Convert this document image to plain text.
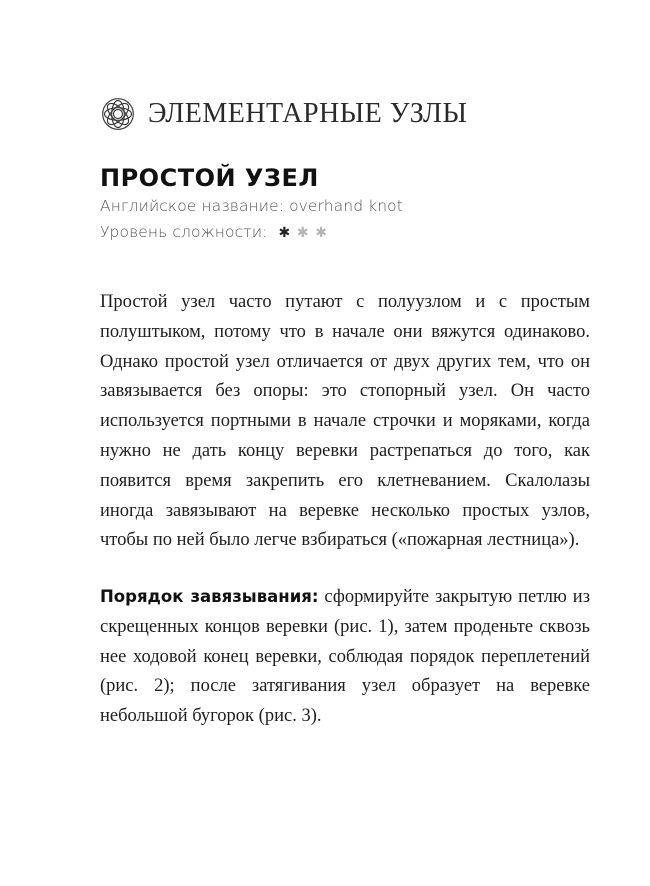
ЭЛЕМЕНТАРНЫЕ УЗЛЫ
ПРОСТОЙ УЗЕЛ
Английское название: overhand knot
Уровень сложности: ✱ ✱ ✱

Простой узел часто путают с полуузлом и с простым полуштыком, потому что в начале они вяжутся одинаково. Однако простой узел отличается от двух других тем, что он завязывается без опоры: это стопорный узел. Он часто используется портными в начале строчки и моряками, когда нужно не дать концу веревки растрепаться до того, как появится время закрепить его клетневанием. Скалолазы иногда завязывают на веревке несколько простых узлов, чтобы по ней было легче взбираться («пожарная лестница»).

Порядок завязывания: сформируйте закрытую петлю из скрещенных концов веревки (рис. 1), затем проденьте сквозь нее ходовой конец веревки, соблюдая порядок переплетений (рис. 2); после затягивания узел образует на веревке небольшой бугорок (рис. 3).
